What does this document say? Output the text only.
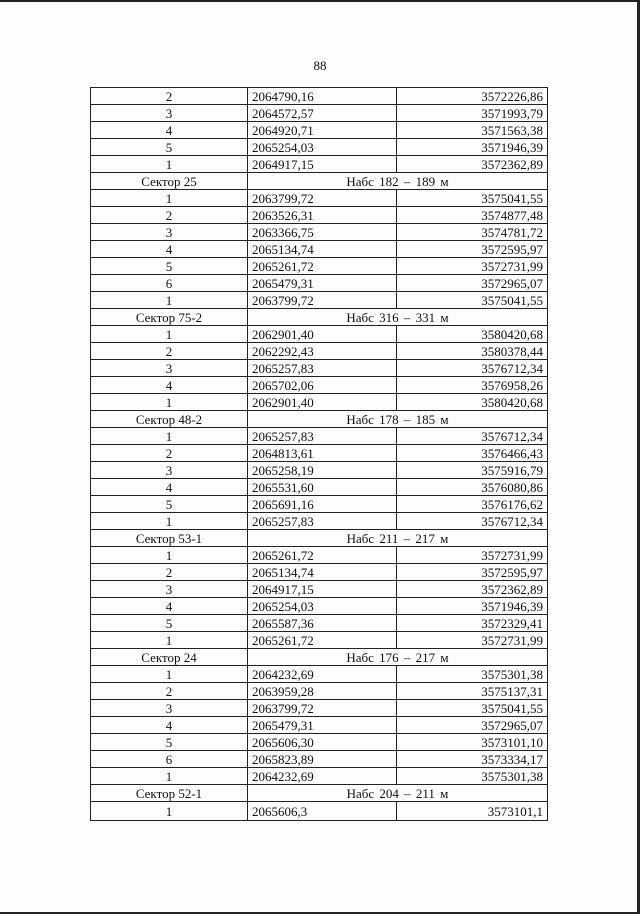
88
2	2064790,16	3572226,86
3	2064572,57	3571993,79
4	2064920,71	3571563,38
5	2065254,03	3571946,39
1	2064917,15	3572362,89
Сектор 25	Набс 182 – 189 м	
1	2063799,72	3575041,55
2	2063526,31	3574877,48
3	2063366,75	3574781,72
4	2065134,74	3572595,97
5	2065261,72	3572731,99
6	2065479,31	3572965,07
1	2063799,72	3575041,55
Сектор 75-2	Набс 316 – 331 м	
1	2062901,40	3580420,68
2	2062292,43	3580378,44
3	2065257,83	3576712,34
4	2065702,06	3576958,26
1	2062901,40	3580420,68
Сектор 48-2	Набс 178 – 185 м	
1	2065257,83	3576712,34
2	2064813,61	3576466,43
3	2065258,19	3575916,79
4	2065531,60	3576080,86
5	2065691,16	3576176,62
1	2065257,83	3576712,34
Сектор 53-1	Набс 211 – 217 м	
1	2065261,72	3572731,99
2	2065134,74	3572595,97
3	2064917,15	3572362,89
4	2065254,03	3571946,39
5	2065587,36	3572329,41
1	2065261,72	3572731,99
Сектор 24	Набс 176 – 217 м	
1	2064232,69	3575301,38
2	2063959,28	3575137,31
3	2063799,72	3575041,55
4	2065479,31	3572965,07
5	2065606,30	3573101,10
6	2065823,89	3573334,17
1	2064232,69	3575301,38
Сектор 52-1	Набс 204 – 211 м	
1	2065606,3	3573101,1
